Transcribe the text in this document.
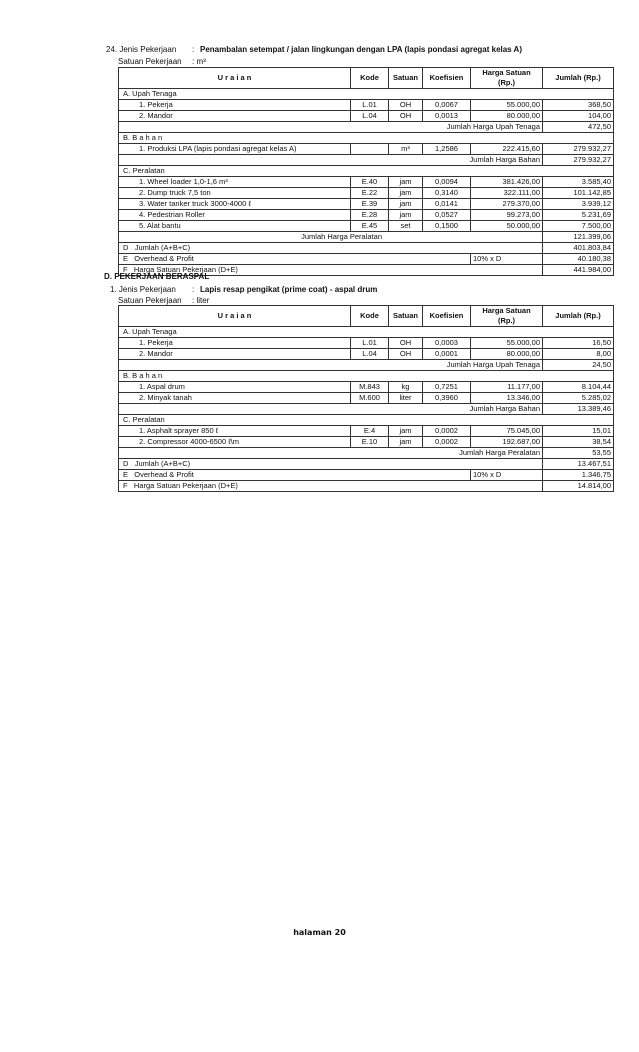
24. Jenis Pekerjaan : Penambalan setempat / jalan lingkungan dengan LPA (lapis pondasi agregat kelas A)
Satuan Pekerjaan : m³
U r a i a n	Kode	Satuan	Koefisien	Harga Satuan (Rp.)	Jumlah (Rp.)
A. Upah Tenaga					
1. Pekerja	L.01	OH	0,0067	55.000,00	368,50
2. Mandor	L.04	OH	0,0013	80.000,00	104,00
Jumlah Harga Upah Tenaga					472,50
B. B a h a n					
1. Produksi LPA (lapis pondasi agregat kelas A)		m³	1,2586	222.415,60	279.932,27
Jumlah Harga Bahan					279.932,27
C. Peralatan					
1. Wheel loader 1,0-1,6 m³	E.40	jam	0,0094	381.426,00	3.585,40
2. Dump truck 7,5 ton	E.22	jam	0,3140	322.111,00	101.142,85
3. Water tanker truck 3000-4000 ℓ	E.39	jam	0,0141	279.370,00	3.939,12
4. Pedestrian Roller	E.28	jam	0,0527	99.273,00	5.231,69
5. Alat bantu	E.45	set	0,1500	50.000,00	7.500,00
Jumlah Harga Peralatan					121.399,06
D Jumlah (A+B+C)					401.803,84
E Overhead & Profit				10% x D	40.180,38
F Harga Satuan Pekerjaan (D+E)					441.984,00
D. PEKERJAAN BERASPAL
1. Jenis Pekerjaan : Lapis resap pengikat (prime coat) - aspal drum
Satuan Pekerjaan : liter
U r a i a n	Kode	Satuan	Koefisien	Harga Satuan (Rp.)	Jumlah (Rp.)
A. Upah Tenaga					
1. Pekerja	L.01	OH	0,0003	55.000,00	16,50
2. Mandor	L.04	OH	0,0001	80.000,00	8,00
Jumlah Harga Upah Tenaga					24,50
B. B a h a n					
1. Aspal drum	M.843	kg	0,7251	11.177,00	8.104,44
2. Minyak tanah	M.600	liter	0,3960	13.346,00	5.285,02
Jumlah Harga Bahan					13.389,46
C. Peralatan					
1. Asphalt sprayer 850 ℓ	E.4	jam	0,0002	75.045,00	15,01
2. Compressor 4000-6500 ℓ\m	E.10	jam	0,0002	192.687,00	38,54
Jumlah Harga Peralatan					53,55
D Jumlah (A+B+C)					13.467,51
E Overhead & Profit				10% x D	1.346,75
F Harga Satuan Pekerjaan (D+E)					14.814,00
halaman 20
